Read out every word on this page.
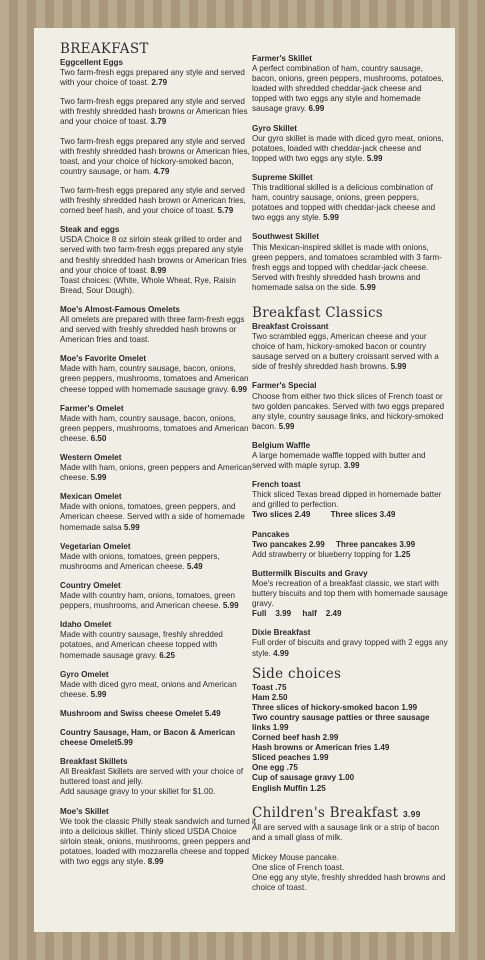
BREAKFAST
Eggcellent Eggs
Two farm-fresh eggs prepared any style and served with your choice of toast. 2.79
Two farm-fresh eggs prepared any style and served with freshly shredded hash browns or American fries and your choice of toast. 3.79
Two farm-fresh eggs prepared any style and served with freshly shredded hash browns or American fries, toast, and your choice of hickory-smoked bacon, country sausage, or ham. 4.79
Two farm-fresh eggs prepared any style and served with freshly shredded hash brown or American fries, corned beef hash, and your choice of toast. 5.79
Steak and eggs
USDA Choice 8 oz sirloin steak grilled to order and served with two farm-fresh eggs prepared any style and freshly shredded hash browns or American fries and your choice of toast. 8.99
Toast choices: (White, Whole Wheat, Rye, Raisin Bread, Sour Dough).
Moe's Almost-Famous Omelets
All omelets are prepared with three farm-fresh eggs and served with freshly shredded hash browns or American fries and toast.
Moe's Favorite Omelet
Made with ham, country sausage, bacon, onions, green peppers, mushrooms, tomatoes and American cheese topped with homemade sausage gravy. 6.99
Farmer's Omelet
Made with ham, country sausage, bacon, onions, green peppers, mushrooms, tomatoes and American cheese. 6.50
Western Omelet
Made with ham, onions, green peppers and American cheese. 5.99
Mexican Omelet
Made with onions, tomatoes, green peppers, and American cheese. Served with a side of homemade homemade salsa 5.99
Vegetarian Omelet
Made with onions, tomatoes, green peppers, mushrooms and American cheese. 5.49
Country Omelet
Made with country ham, onions, tomatoes, green peppers, mushrooms, and American cheese. 5.99
Idaho Omelet
Made with country sausage, freshly shredded potatoes, and American cheese topped with homemade sausage gravy. 6.25
Gyro Omelet
Made with diced gyro meat, onions and American cheese. 5.99
Mushroom and Swiss cheese Omelet 5.49
Country Sausage, Ham, or Bacon & American cheese Omelet5.99
Breakfast Skillets
All Breakfast Skillets are served with your choice of buttered toast and jelly.
Add sausage gravy to your skillet for $1.00.
Moe's Skillet
We took the classic Philly steak sandwich and turned it into a delicious skillet. Thinly sliced USDA Choice sirloin steak, onions, mushrooms, green peppers and potatoes, loaded with mozzarella cheese and topped with two eggs any style. 8.99
Farmer's Skillet
A perfect combination of ham, country sausage, bacon, onions, green peppers, mushrooms, potatoes, loaded with shredded cheddar-jack cheese and topped with two eggs any style and homemade sausage gravy. 6.99
Gyro Skillet
Our gyro skillet is made with diced gyro meat, onions, potatoes, loaded with cheddar-jack cheese and topped with two eggs any style. 5.99
Supreme Skillet
This traditional skilled is a delicious combination of ham, country sausage, onions, green peppers, potatoes and topped with cheddar-jack cheese and two eggs any style. 5.99
Southwest Skillet
This Mexican-inspired skillet is made with onions, green peppers, and tomatoes scrambled with 3 farm-fresh eggs and topped with cheddar-jack cheese. Served with freshly shredded hash browns and homemade salsa on the side. 5.99
Breakfast Classics
Breakfast Croissant
Two scrambled eggs, American cheese and your choice of ham, hickory-smoked bacon or country sausage served on a buttery croissant served with a side of freshly shredded hash browns. 5.99
Farmer's Special
Choose from either two thick slices of French toast or two golden pancakes. Served with two eggs prepared any style, country sausage links, and hickory-smoked bacon. 5.99
Belgium Waffle
A large homemade waffle topped with butter and served with maple syrup. 3.99
French toast
Thick sliced Texas bread dipped in homemade batter and grilled to perfection.
Two slices 2.49	Three slices 3.49
Pancakes
Two pancakes 2.99 Three pancakes 3.99
Add strawberry or blueberry topping for 1.25
Buttermilk Biscuits and Gravy
Moe's recreation of a breakfast classic, we start with buttery biscuits and top them with homemade sausage gravy.
Full    3.99     half    2.49
Dixie Breakfast
Full order of biscuits and gravy topped with 2 eggs any style. 4.99
Side choices
Toast .75
Ham 2.50
Three slices of hickory-smoked bacon 1.99
Two country sausage patties or three sausage links 1.99
Corned beef hash 2.99
Hash browns or American fries 1.49
Sliced peaches 1.99
One egg .75
Cup of sausage gravy 1.00
English Muffin 1.25
Children's Breakfast 3.99
All are served with a sausage link or a strip of bacon and a small glass of milk.
Mickey Mouse pancake.
One slice of French toast.
One egg any style, freshly shredded hash browns and choice of toast.
